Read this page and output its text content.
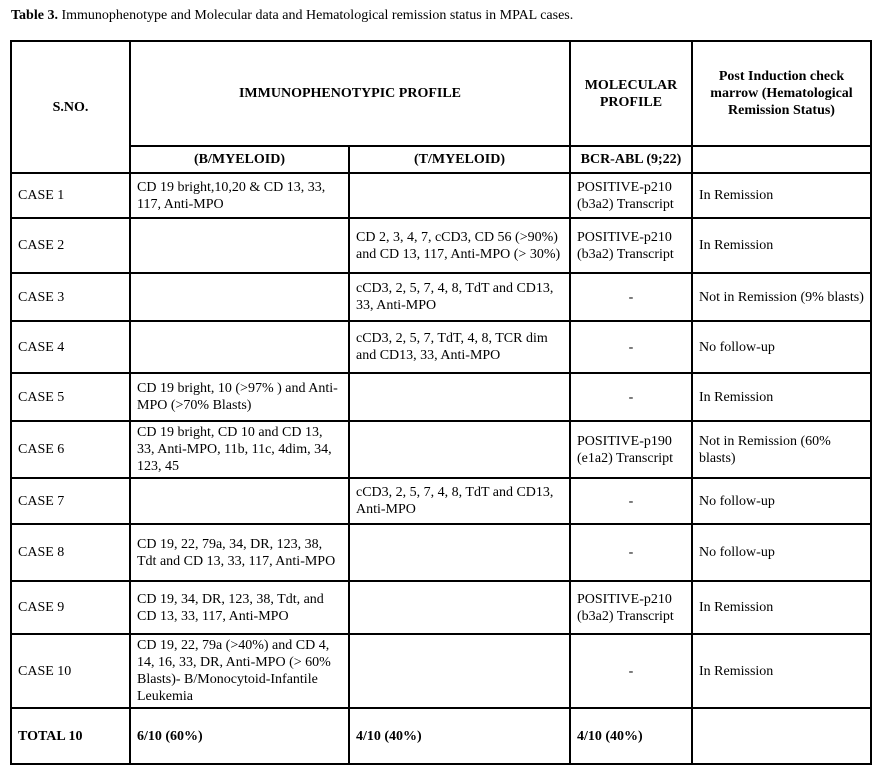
Table 3. Immunophenotype and Molecular data and Hematological remission status in MPAL cases.
S.NO.	IMMUNOPHENOTYPIC PROFILE		MOLECULAR PROFILE	Post Induction check marrow (Hematological Remission Status)
	(B/MYELOID)	(T/MYELOID)	BCR-ABL (9;22)	
CASE 1	CD 19 bright,10,20 & CD 13, 33, 117, Anti-MPO		POSITIVE-p210 (b3a2) Transcript	In Remission
CASE 2		CD 2, 3, 4, 7, cCD3, CD 56 (>90%) and CD 13, 117, Anti-MPO (> 30%)	POSITIVE-p210 (b3a2) Transcript	In Remission
CASE 3		cCD3, 2, 5, 7, 4, 8, TdT and CD13, 33, Anti-MPO	-	Not in Remission (9% blasts)
CASE 4		cCD3, 2, 5, 7, TdT, 4, 8, TCR dim and CD13, 33, Anti-MPO	-	No follow-up
CASE 5	CD 19 bright, 10 (>97% ) and Anti-MPO (>70% Blasts)		-	In Remission
CASE 6	CD 19 bright, CD 10 and CD 13, 33, Anti-MPO, 11b, 11c, 4dim, 34, 123, 45		POSITIVE-p190 (e1a2) Transcript	Not in Remission (60% blasts)
CASE 7		cCD3, 2, 5, 7, 4, 8, TdT and CD13, Anti-MPO	-	No follow-up
CASE 8	CD 19, 22, 79a, 34, DR, 123, 38, Tdt and CD 13, 33, 117, Anti-MPO		-	No follow-up
CASE 9	CD 19, 34, DR, 123, 38, Tdt, and CD 13, 33, 117, Anti-MPO		POSITIVE-p210 (b3a2) Transcript	In Remission
CASE 10	CD 19, 22, 79a (>40%) and CD 4, 14, 16, 33, DR, Anti-MPO (> 60% Blasts)- B/Monocytoid-Infantile Leukemia		-	In Remission
TOTAL 10	6/10 (60%)	4/10 (40%)	4/10 (40%)	
